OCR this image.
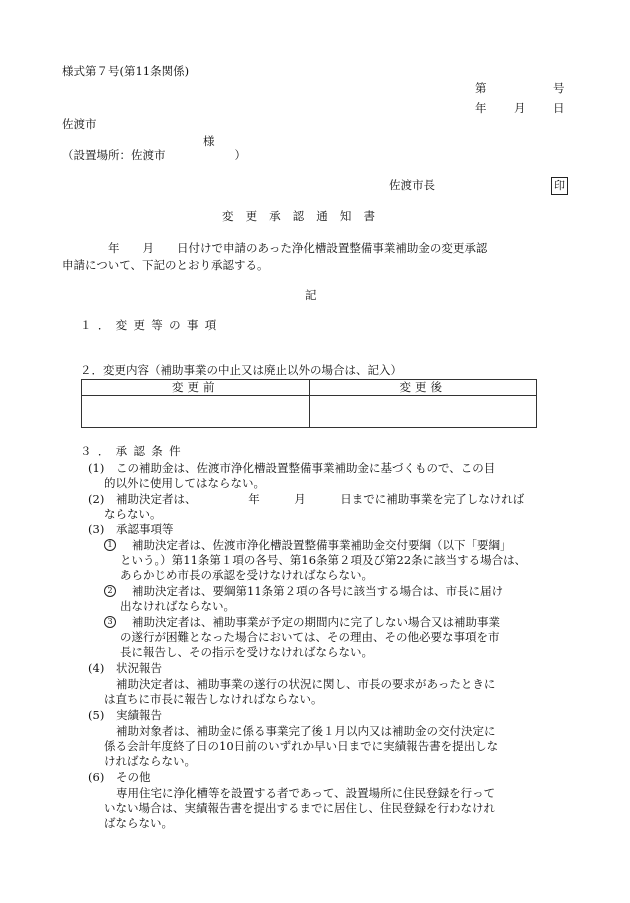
様式第７号(第11条関係)
第	号
年 月 日
佐渡市
様
（設置場所：佐渡市　　　　　　）
佐渡市長	印
変更承認通知書
　　　　年　　月　　日付けで申請のあった浄化槽設置整備事業補助金の変更承認
申請について、下記のとおり承認する。
記
１．変更等の事項
２．変更内容（補助事業の中止又は廃止以外の場合は、記入）
変更前	変更後

３．承認条件
(1) この補助金は、佐渡市浄化槽設置整備事業補助金に基づくもので、この目
的以外に使用してはならない。
(2) 補助決定者は、　　　　　年　　　月　　　日までに補助事業を完了しなければ
ならない。
(3) 承認事項等
1	補助決定者は、佐渡市浄化槽設置整備事業補助金交付要綱（以下「要綱」
という。）第11条第１項の各号、第16条第２項及び第22条に該当する場合は、
あらかじめ市長の承認を受けなければならない。
2	補助決定者は、要綱第11条第２項の各号に該当する場合は、市長に届け
出なければならない。
3	補助決定者は、補助事業が予定の期間内に完了しない場合又は補助事業
の遂行が困難となった場合においては、その理由、その他必要な事項を市
長に報告し、その指示を受けなければならない。
(4) 状況報告
補助決定者は、補助事業の遂行の状況に関し、市長の要求があったときに
は直ちに市長に報告しなければならない。
(5) 実績報告
補助対象者は、補助金に係る事業完了後１月以内又は補助金の交付決定に
係る会計年度終了日の10日前のいずれか早い日までに実績報告書を提出しな
ければならない。
(6) その他
専用住宅に浄化槽等を設置する者であって、設置場所に住民登録を行って
いない場合は、実績報告書を提出するまでに居住し、住民登録を行わなけれ
ばならない。
